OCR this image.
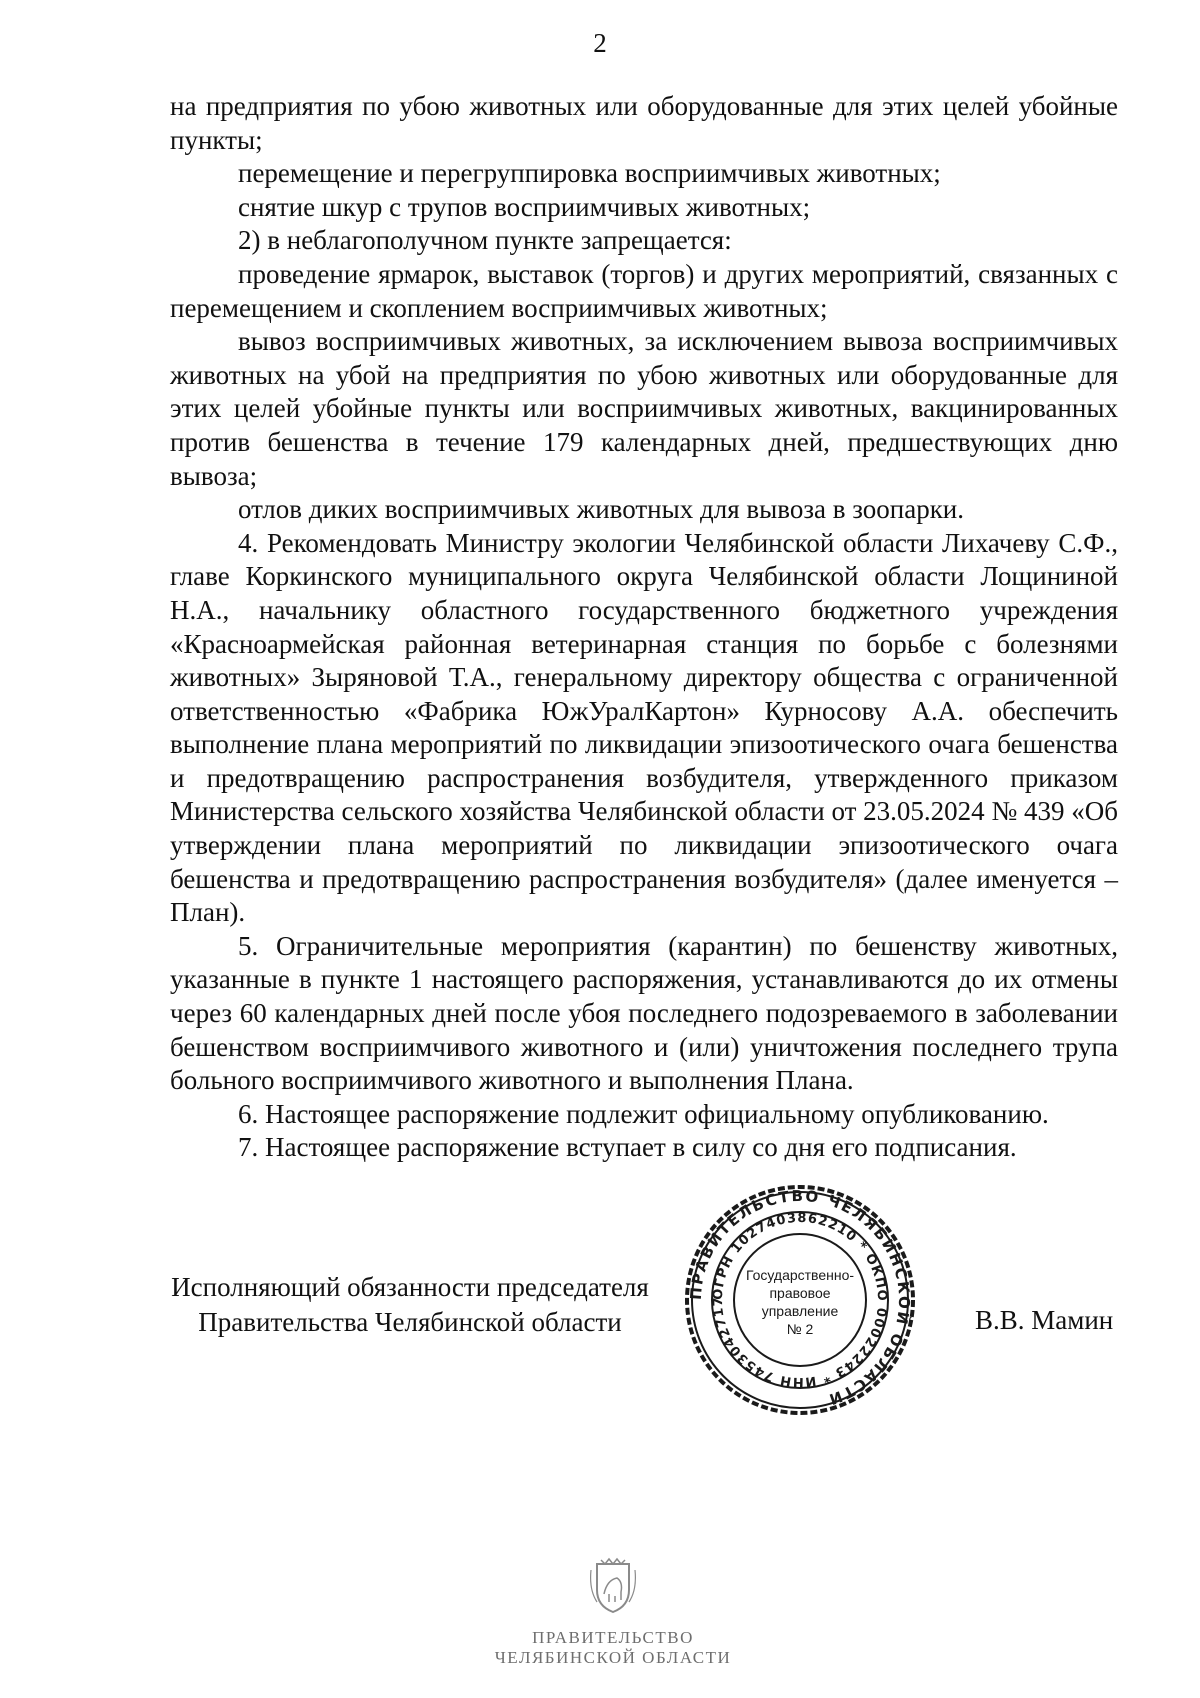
2

на предприятия по убою животных или оборудованные для этих целей убойные пункты;

перемещение и перегруппировка восприимчивых животных;

снятие шкур с трупов восприимчивых животных;

2) в неблагополучном пункте запрещается:

проведение ярмарок, выставок (торгов) и других мероприятий, связанных с перемещением и скоплением восприимчивых животных;

вывоз восприимчивых животных, за исключением вывоза восприимчивых животных на убой на предприятия по убою животных или оборудованные для этих целей убойные пункты или восприимчивых животных, вакцинированных против бешенства в течение 179 календарных дней, предшествующих дню вывоза;

отлов диких восприимчивых животных для вывоза в зоопарки.

4. Рекомендовать Министру экологии Челябинской области Лихачеву С.Ф., главе Коркинского муниципального округа Челябинской области Лощининой Н.А., начальнику областного государственного бюджетного учреждения «Красноармейская районная ветеринарная станция по борьбе с болезнями животных» Зыряновой Т.А., генеральному директору общества с ограниченной ответственностью «Фабрика ЮжУралКартон» Курносову А.А. обеспечить выполнение плана мероприятий по ликвидации эпизоотического очага бешенства и предотвращению распространения возбудителя, утвержденного приказом Министерства сельского хозяйства Челябинской области от 23.05.2024 № 439 «Об утверждении плана мероприятий по ликвидации эпизоотического очага бешенства и предотвращению распространения возбудителя» (далее именуется – План).

5. Ограничительные мероприятия (карантин) по бешенству животных, указанные в пункте 1 настоящего распоряжения, устанавливаются до их отмены через 60 календарных дней после убоя последнего подозреваемого в заболевании бешенством восприимчивого животного и (или) уничтожения последнего трупа больного восприимчивого животного и выполнения Плана.

6. Настоящее распоряжение подлежит официальному опубликованию.

7. Настоящее распоряжение вступает в силу со дня его подписания.

Исполняющий обязанности председателя
Правительства Челябинской области	В.В. Мамин
ПРАВИТЕЛЬСТВО ЧЕЛЯБИНСКОЙ ОБЛАСТИ
ОГРН 1027403862210 * ОКПО 00022243 * ИНН 7453042717
Государственно-
правовое
управление
№ 2
ПРАВИТЕЛЬСТВО
ЧЕЛЯБИНСКОЙ ОБЛАСТИ
